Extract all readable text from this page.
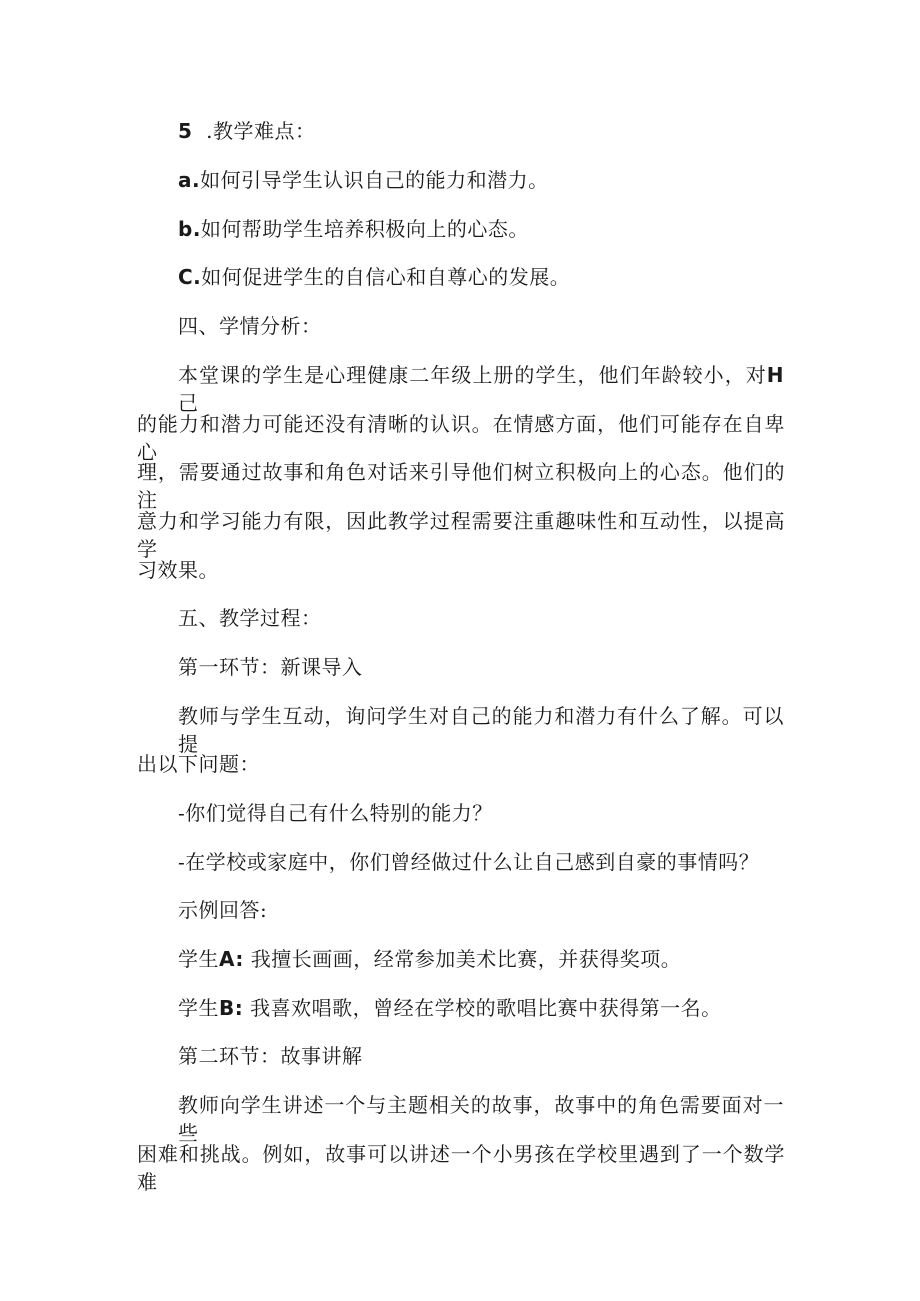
5 .教学难点：
a.如何引导学生认识自己的能力和潜力。
b.如何帮助学生培养积极向上的心态。
C.如何促进学生的自信心和自尊心的发展。
四、学情分析：
本堂课的学生是心理健康二年级上册的学生，他们年龄较小，对H己
的能力和潜力可能还没有清晰的认识。在情感方面，他们可能存在自卑心
理，需要通过故事和角色对话来引导他们树立积极向上的心态。他们的注
意力和学习能力有限，因此教学过程需要注重趣味性和互动性，以提高学
习效果。
五、教学过程：
第一环节：新课导入
教师与学生互动，询问学生对自己的能力和潜力有什么了解。可以提
出以下问题：
-你们觉得自己有什么特别的能力？
-在学校或家庭中，你们曾经做过什么让自己感到自豪的事情吗？
示例回答:
学生A: 我擅长画画，经常参加美术比赛，并获得奖项。
学生B: 我喜欢唱歌，曾经在学校的歌唱比赛中获得第一名。
第二环节：故事讲解
教师向学生讲述一个与主题相关的故事，故事中的角色需要面对一些
困难和挑战。例如，故事可以讲述一个小男孩在学校里遇到了一个数学难
